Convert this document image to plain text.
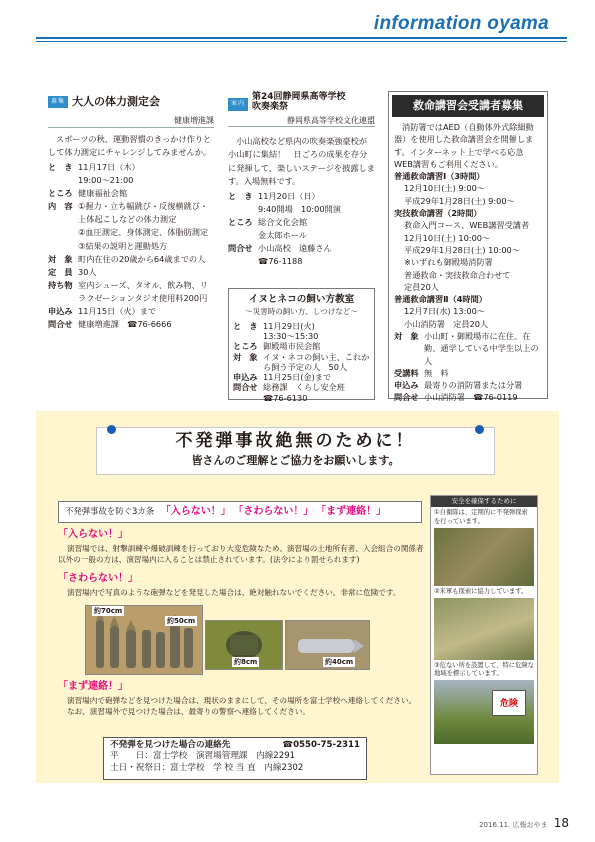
information oyama
募集 大人の体力測定会
健康増進課

スポーツの秋、運動習慣のきっかけ作りとして体力測定にチャレンジしてみませんか。

と　き 11月17日（木）
19:00〜21:00
ところ 健康福祉会館
内　容 ①握力・立ち幅跳び・反復横跳び・上体起こしなどの体力測定
②血圧測定、身体測定、体脂肪測定
③結果の説明と運動処方
対　象 町内在住の20歳から64歳までの人
定　員 30人
持ち物 室内シューズ、タオル、飲み物、リラクゼーションタジオ使用料200円
申込み 11月15日（火）まで
問合せ 健康増進課　☎76-6666
案内
第24回静岡県高等学校
吹奏楽祭
静岡県高等学校文化連盟

小山高校など県内の吹奏楽強豪校が小山町に集結！　日ごろの成果を存分に発揮して、楽しいステージを披露します。入場無料です。

と　き 11月20日（日）
9:40開場　10:00開演
ところ 総合文化会館
金太郎ホール
問合せ 小山高校　遠藤さん
☎76-1188
イヌとネコの飼い方教室
〜災害時の飼い方、しつけなど〜
と　き 11月29日(火)
13:30〜15:30
ところ 御殿場市民会館
対　象 イヌ・ネコの飼い主、これから飼う予定の人　50人
申込み 11月25日(金)まで
問合せ 総務課　くらし安全班
☎76-6130
救命講習会受講者募集

消防署ではAED（自動体外式除細動器）を使用した救命講習会を開催します。インターネット上で学べる応急WEB講習もご利用ください。

普通救命講習Ⅰ（3時間）
12月10日(土) 9:00〜
平成29年1月28日(土) 9:00〜
実技救命講習（2時間）
救命入門コース、WEB講習受講者
12月10日(土) 10:00〜
平成29年1月28日(土) 10:00〜
※いずれも御殿場消防署
普通救命・実技救命合わせて
定員20人
普通救命講習Ⅱ（4時間）
12月7日(水) 13:00〜
小山消防署　定員20人
対　象 小山町・御殿場市に在住、在勤、通学している中学生以上の人
受講料 無　料
申込み 最寄りの消防署または分署
問合せ 小山消防署　☎76-0119
不発弾事故絶無のために！
皆さんのご理解とご協力をお願いします。
不発弾事故を防ぐ3カ条 「入らない！」 「さわらない！」 「まず連絡！」
「入らない！」

演習場では、射撃訓練や爆破訓練を行っており大変危険なため、演習場の土地所有者、入会組合の関係者以外の一般の方は、演習場内に入ることは禁止されています。(法令により罰せられます)

「さわらない！」

演習場内で写真のような砲弾などを発見した場合は、絶対触れないでください。非常に危険です。

約70cm
約50cm
約8cm	約40cm
「まず連絡！」

演習場内で砲弾などを見つけた場合は、現状のままにして、その場所を富士学校へ連絡してください。

なお、演習場外で見つけた場合は、最寄りの警察へ連絡してください。

安全を確保するために
①自衛隊は、定期的に不発弾探索を行っています。
②米軍も探索に協力しています。
③危ない所を設置して、特に危険な地域を標示しています。
危険
不発弾を見つけた場合の連絡先	☎0550-75-2311
平　　日：富士学校　演習場管理課　内線2291
土日・祝祭日：富士学校　学 校 当 直　内線2302
2016.11. 広報おやま 18
